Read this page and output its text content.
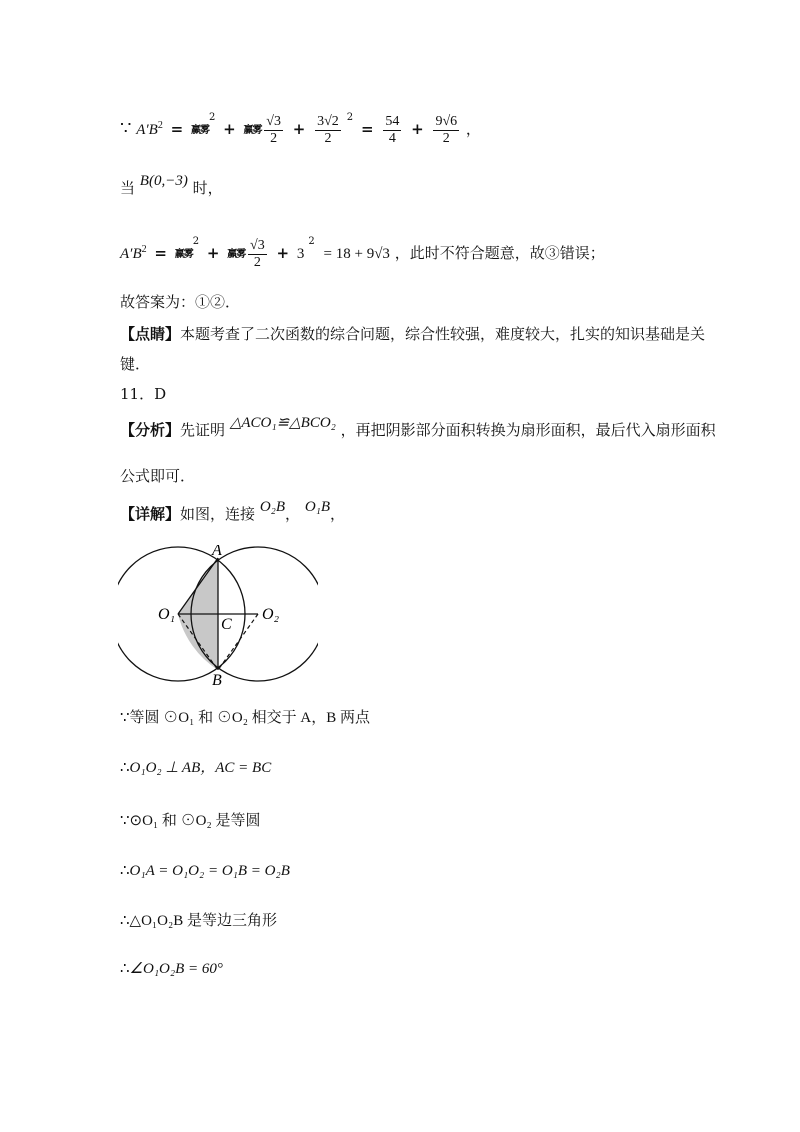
∵ $A'B^2$ = 赢雾$^2$ + 赢雾 $\frac{√3}{2} + \frac{3√2}{2} ^2 = \frac{54}{4} + \frac{9√6}{2}$ ，
当 B(0,−3) 时，
$A'B^2$ = 赢雾$^2$ + 赢雾 $\frac{√3}{2} + 3^2 = 18 + 9√3$ ，此时不符合题意，故③错误；
故答案为：①②．
【点睛】本题考查了二次函数的综合问题，综合性较强，难度较大，扎实的知识基础是关
键．
11．D
【分析】先证明 △ACO₁≌△BCO₂ ，再把阴影部分面积转换为扇形面积，最后代入扇形面积
公式即可．
【详解】如图，连接 O₂B， O₁B，
A
B
C
O₁	O₂
∵等圆 ⊙O₁ 和 ⊙O₂ 相交于 A，B 两点
∴O₁O₂ ⊥ AB，AC = BC
∵⊙O₁ 和 ⊙O₂ 是等圆
∴O₁A = O₁O₂ = O₁B = O₂B
∴△O₁O₂B 是等边三角形
∴∠O₁O₂B = 60°
